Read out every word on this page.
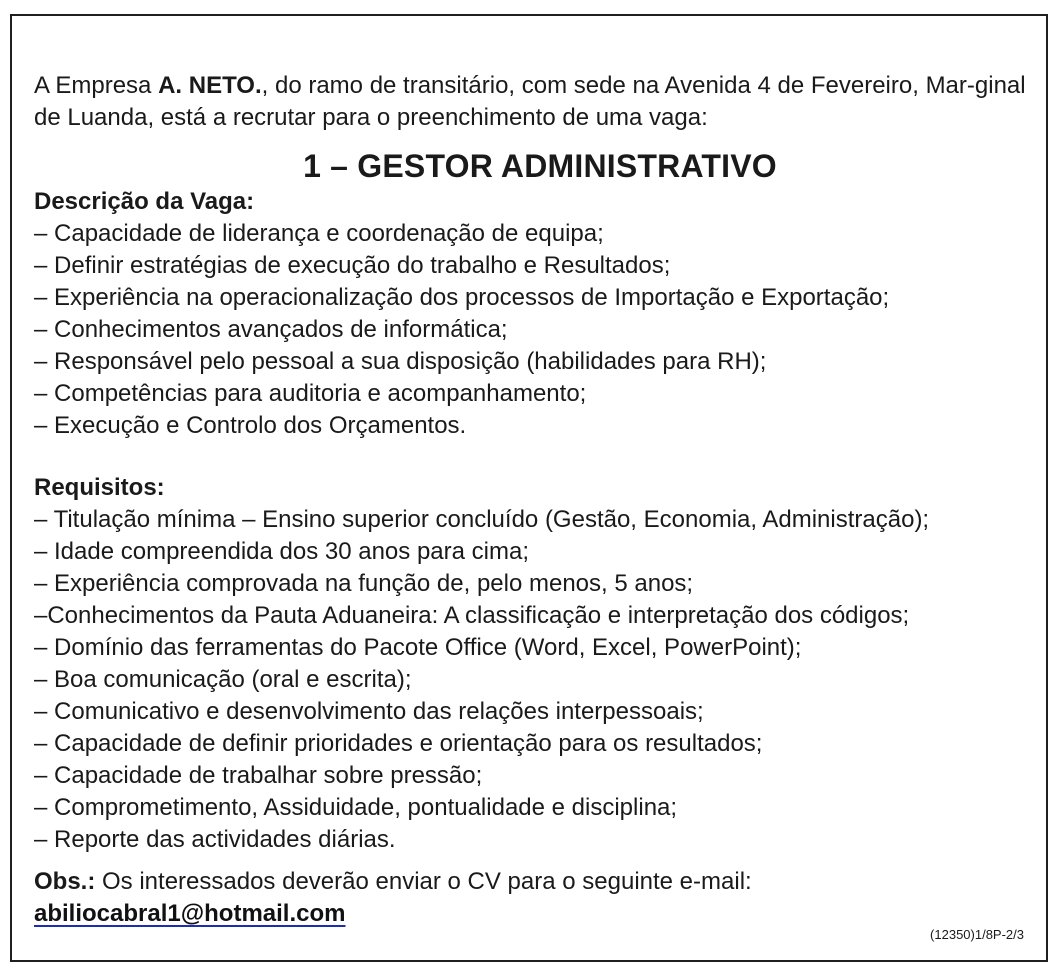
A Empresa A. NETO., do ramo de transitário, com sede na Avenida 4 de Fevereiro, Mar-ginal de Luanda, está a recrutar para o preenchimento de uma vaga:

1 – GESTOR ADMINISTRATIVO
Descrição da Vaga:
– Capacidade de liderança e coordenação de equipa;
– Definir estratégias de execução do trabalho e Resultados;
– Experiência na operacionalização dos processos de Importação e Exportação;
– Conhecimentos avançados de informática;
– Responsável pelo pessoal a sua disposição (habilidades para RH);
– Competências para auditoria e acompanhamento;
– Execução e Controlo dos Orçamentos.
Requisitos:
– Titulação mínima – Ensino superior concluído (Gestão, Economia, Administração);
– Idade compreendida dos 30 anos para cima;
– Experiência comprovada na função de, pelo menos, 5 anos;
–Conhecimentos da Pauta Aduaneira: A classificação e interpretação dos códigos;
– Domínio das ferramentas do Pacote Office (Word, Excel, PowerPoint);
– Boa comunicação (oral e escrita);
– Comunicativo e desenvolvimento das relações interpessoais;
– Capacidade de definir prioridades e orientação para os resultados;
– Capacidade de trabalhar sobre pressão;
– Comprometimento, Assiduidade, pontualidade e disciplina;
– Reporte das actividades diárias.

Obs.: Os interessados deverão enviar o CV para o seguinte e-mail:

abiliocabral1@hotmail.com
(12350)1/8P-2/3
